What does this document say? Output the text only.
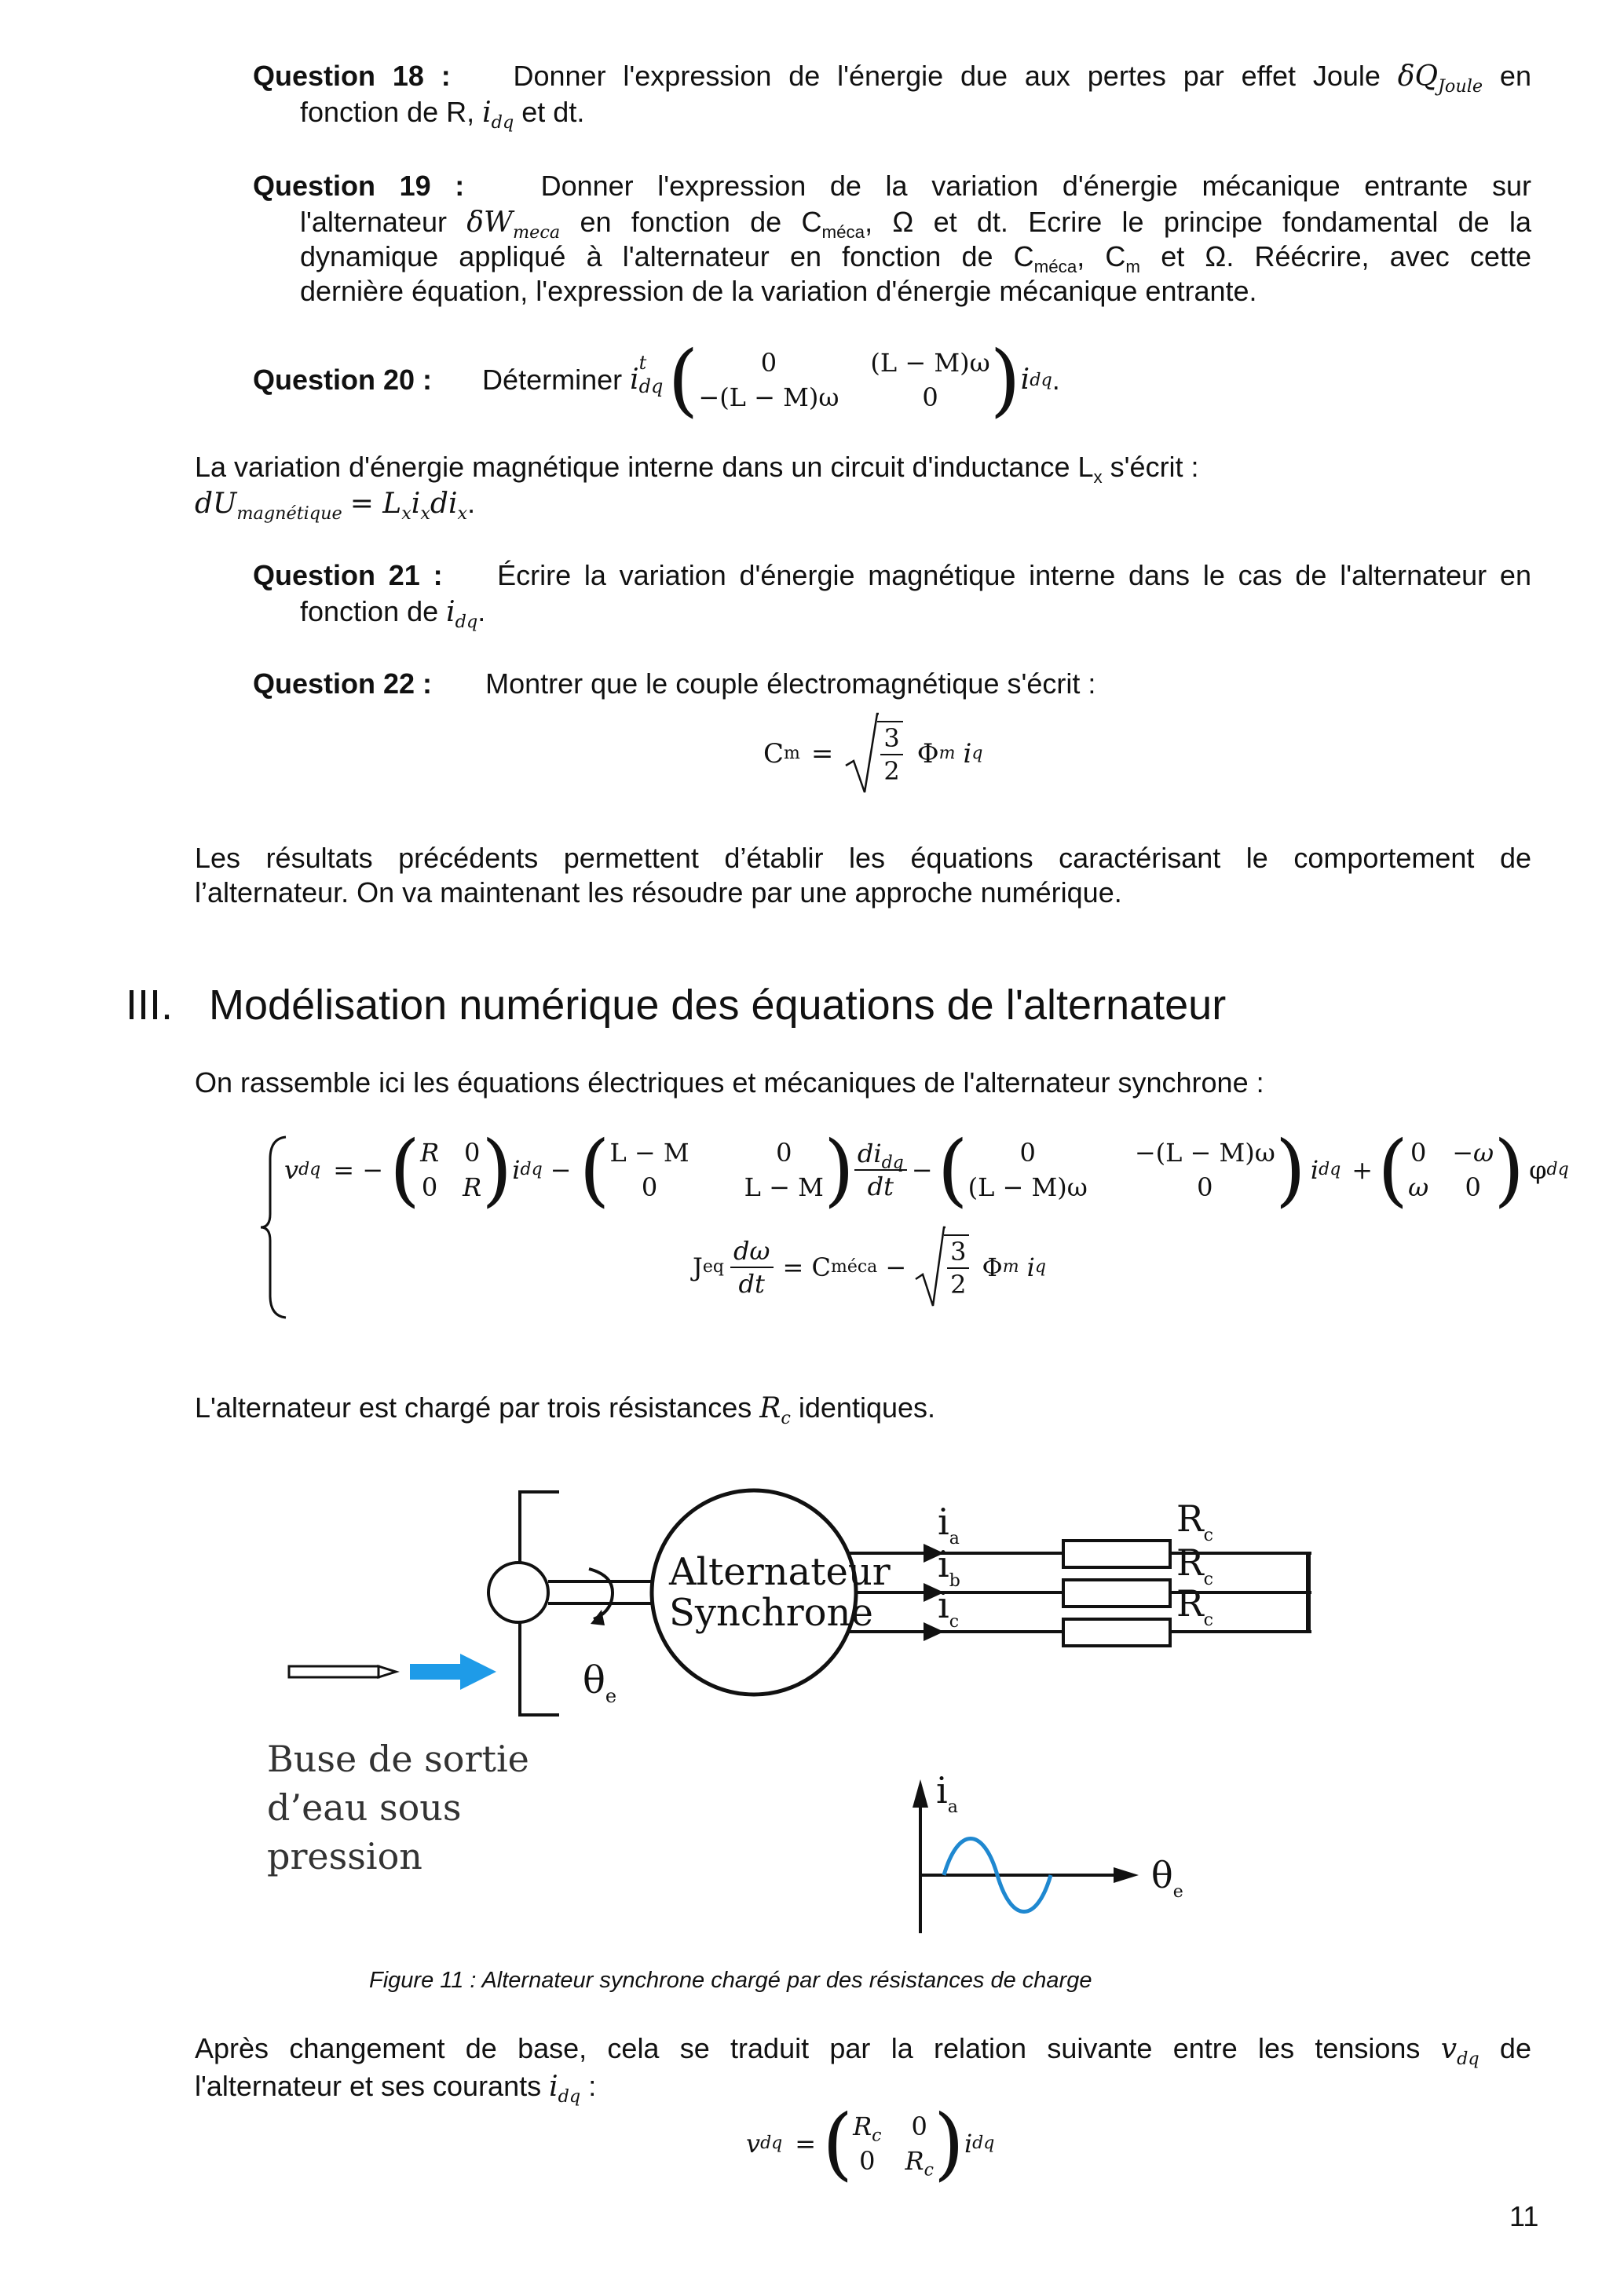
Question 18 : Donner l'expression de l'énergie due aux pertes par effet Joule $\delta Q_{Joule}$ en
fonction de R, $i_{dq}$ et dt.
Question 19 :	Donner l'expression de la variation d'énergie mécanique entrante sur
l'alternateur $\delta W_{meca}$ en fonction de $C_{méca}$, Ω et dt. Ecrire le principe fondamental de la
dynamique appliqué à l'alternateur en fonction de $C_{méca}$, $C_m$ et Ω. Réécrire, avec cette
dernière équation, l'expression de la variation d'énergie mécanique entrante.
Question 20 : Déterminer i
t
dq (	0	(L − M)ω
−(L − M)ω	0 ) i dq .
La variation d'énergie magnétique interne dans un circuit d'inductance $L_x$ s'écrit :
$dU_{magnétique} = L_xi_xdi_x$.
Question 21 : Écrire la variation d'énergie magnétique interne dans le cas de l'alternateur en
fonction de $i_{dq}$.
Question 22 : Montrer que le couple électromagnétique s'écrit :
C $m = \frac{3}{2}$ Φ m i q
Les résultats précédents permettent d’établir les équations caractérisant le comportement de
l’alternateur. On va maintenant les résoudre par une approche numérique.
III. Modélisation numérique des équations de l'alternateur
On rassemble ici les équations électriques et mécaniques de l'alternateur synchrone :
v dq = − ( R 0
0 R ) i dq − ( L − M	0
0	L − M ) $\frac{di_{dq}}{dt}$ − (	0	−(L − M)ω
(L − M)ω	0 ) i dq + ( 0 −ω
ω	0 ) φ dq
J eq $\frac{d\omega}{dt} = C$ méca − $\frac{3}{2}$ Φ m i q
L'alternateur est chargé par trois résistances $R_c$ identiques.
$\theta_e$
Alternateur
Synchrone
$i_a$
$i_b$
$i_c$
$R_c$
$R_c$
$R_c$
Buse de sortie
d’eau sous
pression
$i_a$
$\theta_e$
Figure 11 : Alternateur synchrone chargé par des résistances de charge
Après changement de base, cela se traduit par la relation suivante entre les tensions $v_{dq}$ de
l'alternateur et ses courants $i_{dq}$ :
v dq = ( $R_c$ 0
0 $R_c$ ) i dq
11
